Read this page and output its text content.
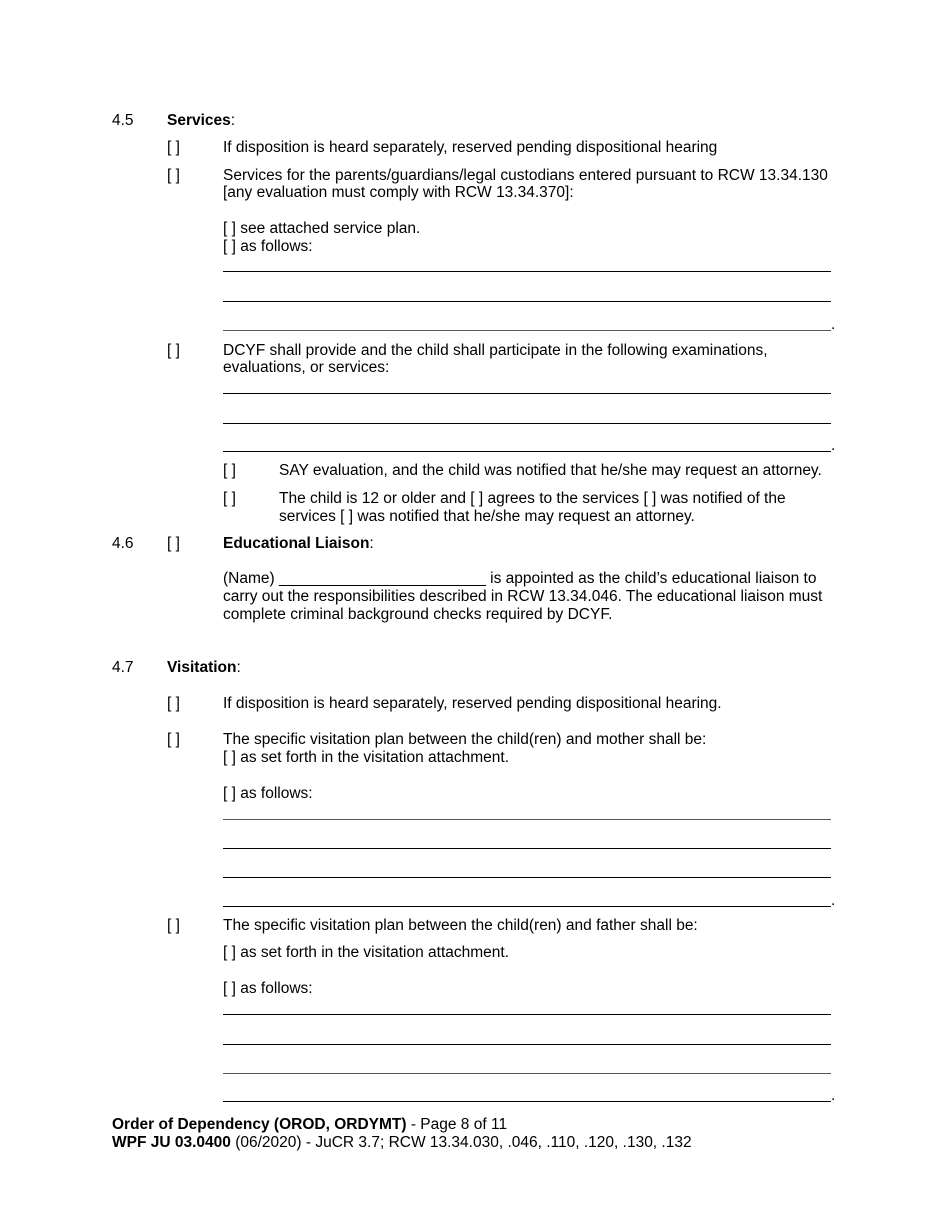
4.5 Services:
[ ]	If disposition is heard separately, reserved pending dispositional hearing
[ ]	Services for the parents/guardians/legal custodians entered pursuant to RCW 13.34.130
[any evaluation must comply with RCW 13.34.370]:
[ ] see attached service plan.
[ ] as follows:
.
[ ]	DCYF shall provide and the child shall participate in the following examinations,
evaluations, or services:
.
[ ]	SAY evaluation, and the child was notified that he/she may request an attorney.
[ ]	The child is 12 or older and [ ] agrees to the services [ ] was notified of the
services [ ] was notified that he/she may request an attorney.
4.6 [ ]	Educational Liaison:
(Name) ________________________ is appointed as the child’s educational liaison to
carry out the responsibilities described in RCW 13.34.046. The educational liaison must
complete criminal background checks required by DCYF.
4.7 Visitation:
[ ]	If disposition is heard separately, reserved pending dispositional hearing.
[ ]	The specific visitation plan between the child(ren) and mother shall be:
[ ] as set forth in the visitation attachment.
[ ] as follows:
.
[ ]	The specific visitation plan between the child(ren) and father shall be:
[ ] as set forth in the visitation attachment.
[ ] as follows:
.
Order of Dependency (OROD, ORDYMT) - Page 8 of 11
WPF JU 03.0400 (06/2020) - JuCR 3.7; RCW 13.34.030, .046, .110, .120, .130, .132
